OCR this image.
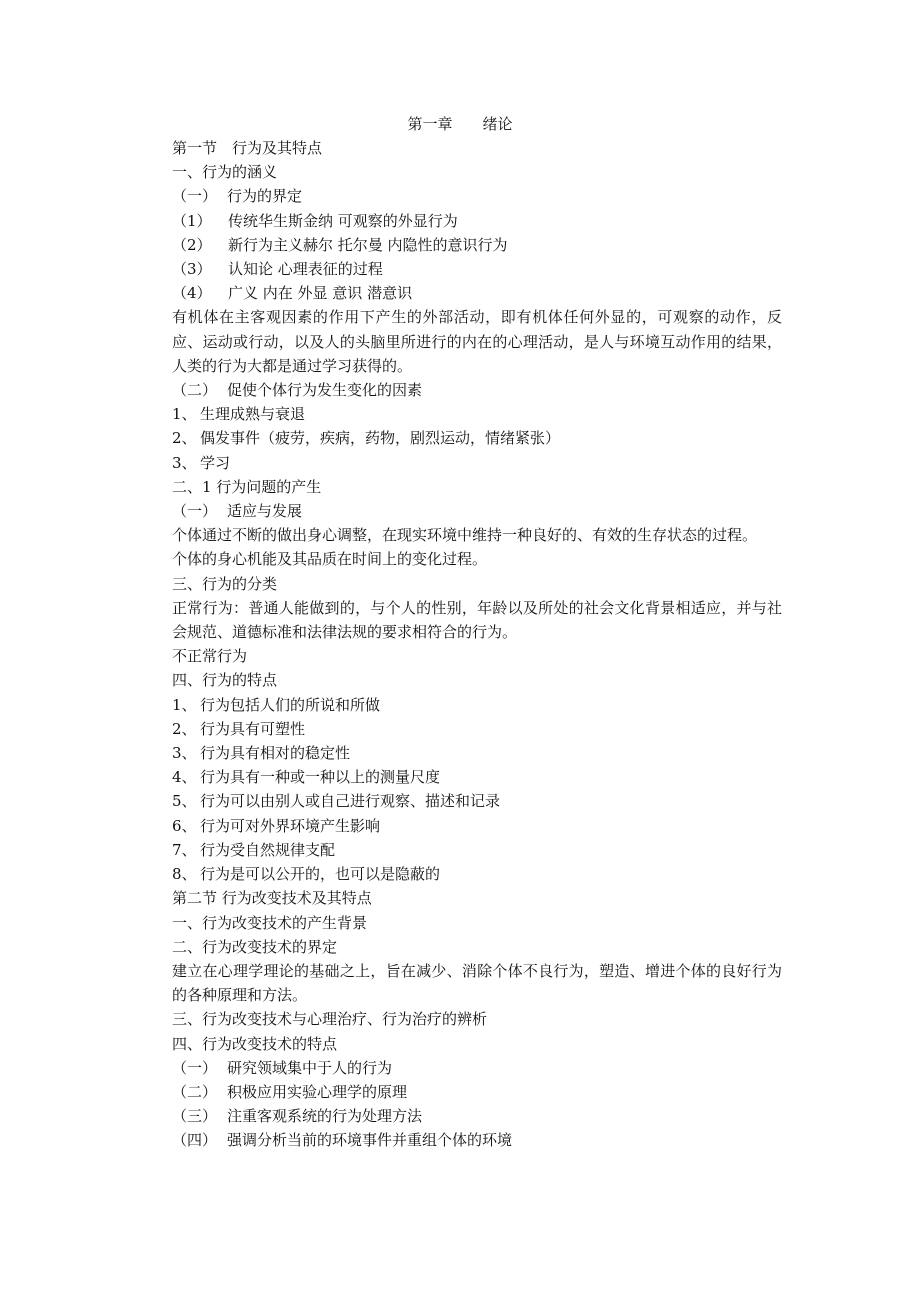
第一章 绪论
第一节　行为及其特点
一、行为的涵义
（一） 行为的界定
（1） 传统华生斯金纳 可观察的外显行为
（2） 新行为主义赫尔 托尔曼 内隐性的意识行为
（3） 认知论 心理表征的过程
（4） 广义 内在 外显 意识 潜意识
有机体在主客观因素的作用下产生的外部活动，即有机体任何外显的，可观察的动作，反应、运动或行动，以及人的头脑里所进行的内在的心理活动，是人与环境互动作用的结果，人类的行为大都是通过学习获得的。
（二） 促使个体行为发生变化的因素
1、 生理成熟与衰退
2、 偶发事件（疲劳，疾病，药物，剧烈运动，情绪紧张）
3、 学习
二、1 行为问题的产生
（一） 适应与发展
个体通过不断的做出身心调整，在现实环境中维持一种良好的、有效的生存状态的过程。
个体的身心机能及其品质在时间上的变化过程。
三、行为的分类
正常行为：普通人能做到的，与个人的性别，年龄以及所处的社会文化背景相适应，并与社会规范、道德标准和法律法规的要求相符合的行为。
不正常行为
四、行为的特点
1、 行为包括人们的所说和所做
2、 行为具有可塑性
3、 行为具有相对的稳定性
4、 行为具有一种或一种以上的测量尺度
5、 行为可以由别人或自己进行观察、描述和记录
6、 行为可对外界环境产生影响
7、 行为受自然规律支配
8、 行为是可以公开的，也可以是隐蔽的
第二节 行为改变技术及其特点
一、行为改变技术的产生背景
二、行为改变技术的界定
建立在心理学理论的基础之上，旨在减少、消除个体不良行为，塑造、增进个体的良好行为的各种原理和方法。
三、行为改变技术与心理治疗、行为治疗的辨析
四、行为改变技术的特点
（一） 研究领域集中于人的行为
（二） 积极应用实验心理学的原理
（三） 注重客观系统的行为处理方法
（四） 强调分析当前的环境事件并重组个体的环境
